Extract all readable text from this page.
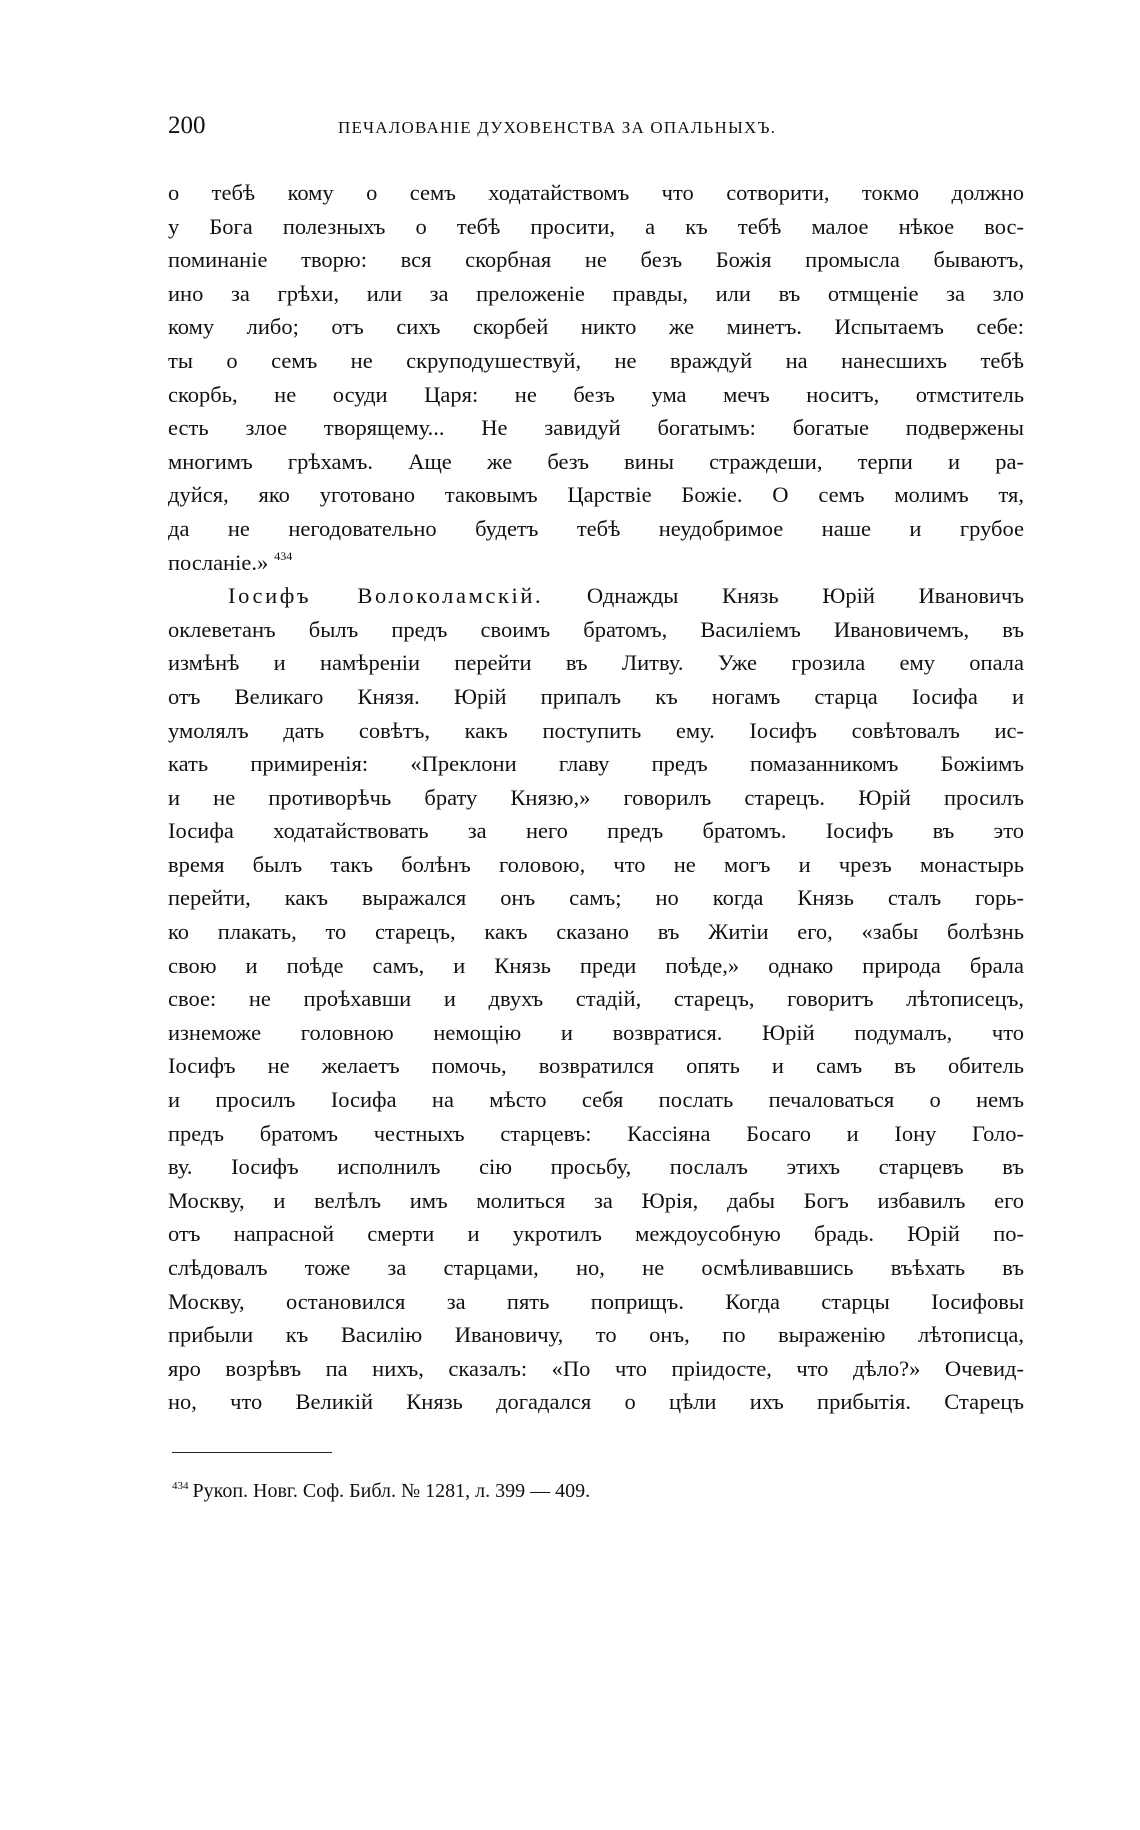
200	ПЕЧАЛОВАНІЕ ДУХОВЕНСТВА ЗА ОПАЛЬНЫХЪ.
о тебѣ кому о семъ ходатайствомъ что сотворити, токмо должно
у Бога полезныхъ о тебѣ просити, а къ тебѣ малое нѣкое вос-
поминаніе творю: вся скорбная не безъ Божія промысла бываютъ,
ино за грѣхи, или за преложеніе правды, или въ отмщеніе за зло
кому либо; отъ сихъ скорбей никто же минетъ. Испытаемъ себе:
ты о семъ не скруподушествуй, не враждуй на нанесшихъ тебѣ
скорбь, не осуди Царя: не безъ ума мечъ носитъ, отмститель
есть злое творящему... Не завидуй богатымъ: богатые подвержены
многимъ грѣхамъ. Аще же безъ вины страждеши, терпи и ра-
дуйся, яко уготовано таковымъ Царствіе Божіе. О семъ молимъ тя,
да не негодовательно будетъ тебѣ неудобримое наше и грубое
посланіе.» $^{434}$
Іосифъ Волоколамскій. Однажды Князь Юрій Ивановичъ
оклеветанъ былъ предъ своимъ братомъ, Василіемъ Ивановичемъ, въ
измѣнѣ и намѣреніи перейти въ Литву. Уже грозила ему опала
отъ Великаго Князя. Юрій припалъ къ ногамъ старца Іосифа и
умолялъ дать совѣтъ, какъ поступить ему. Іосифъ совѣтовалъ ис-
кать примиренія: «Преклони главу предъ помазанникомъ Божіимъ
и не противорѣчь брату Князю,» говорилъ старецъ. Юрій просилъ
Іосифа ходатайствовать за него предъ братомъ. Іосифъ въ это
время былъ такъ болѣнъ головою, что не могъ и чрезъ монастырь
перейти, какъ выражался онъ самъ; но когда Князь сталъ горь-
ко плакать, то старецъ, какъ сказано въ Житіи его, «забы болѣзнь
свою и поѣде самъ, и Князь преди поѣде,» однако природа брала
свое: не проѣхавши и двухъ стадій, старецъ, говоритъ лѣтописецъ,
изнеможе головною немощію и возвратися. Юрій подумалъ, что
Іосифъ не желаетъ помочь, возвратился опять и самъ въ обитель
и просилъ Іосифа на мѣсто себя послать печаловаться о немъ
предъ братомъ честныхъ старцевъ: Кассіяна Босаго и Іону Голо-
ву. Іосифъ исполнилъ сію просьбу, послалъ этихъ старцевъ въ
Москву, и велѣлъ имъ молиться за Юрія, дабы Богъ избавилъ его
отъ напрасной смерти и укротилъ междоусобную брадь. Юрій по-
слѣдовалъ тоже за старцами, но, не осмѣливавшись въѣхать въ
Москву, остановился за пять поприщъ. Когда старцы Іосифовы
прибыли къ Василію Ивановичу, то онъ, по выраженію лѣтописца,
яро возрѣвъ па нихъ, сказалъ: «По что пріидосте, что дѣло?» Очевид-
но, что Великій Князь догадался о цѣли ихъ прибытія. Старецъ
$^{434}$ Рукоп. Новг. Соф. Библ. № 1281, л. 399 — 409.
